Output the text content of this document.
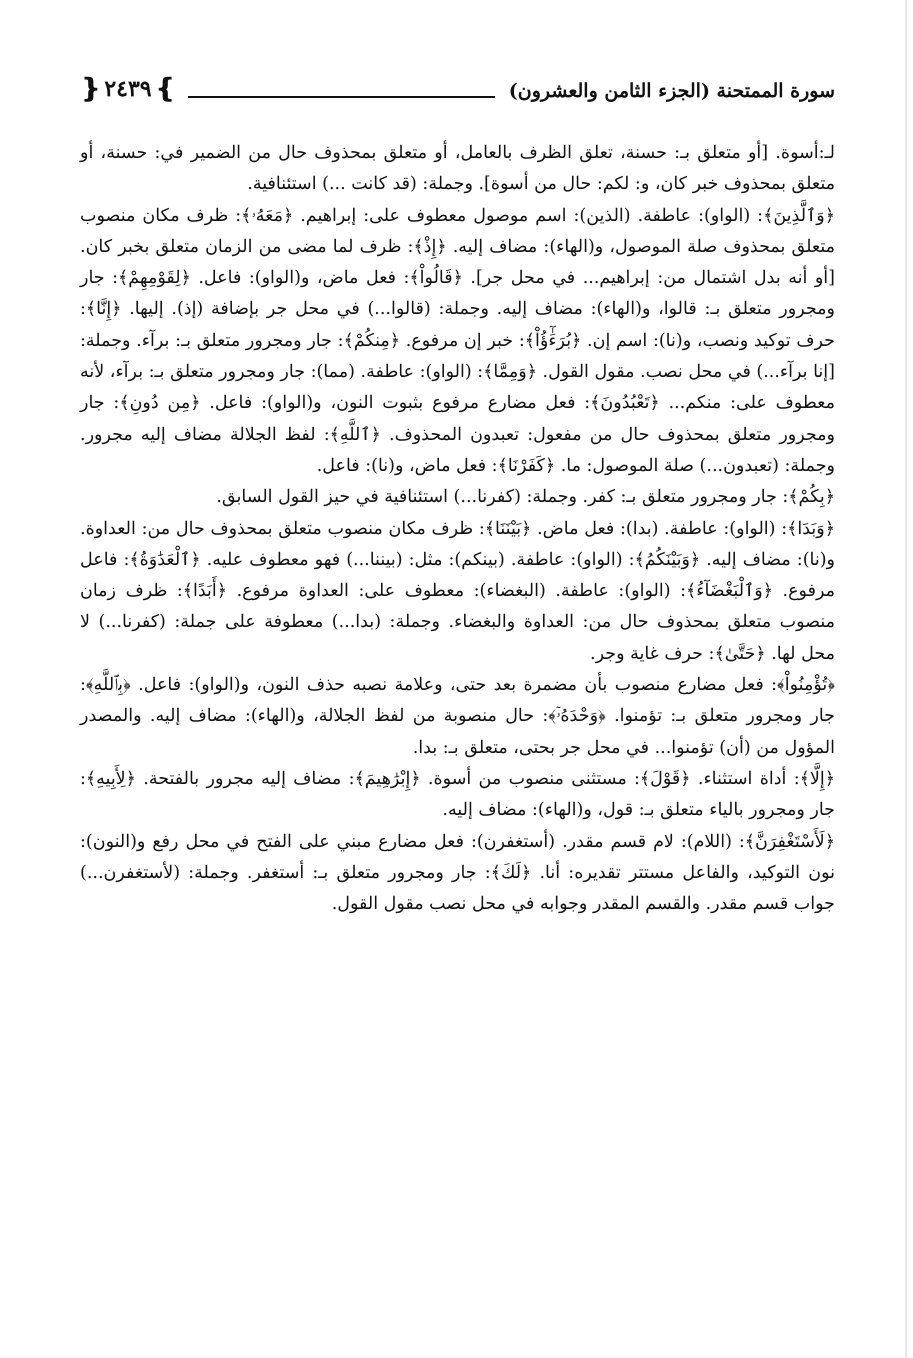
سورة الممتحنة (الجزء الثامن والعشرون)
❵
٢٤٣٩
❴

لـ:أسوة. [أو متعلق بـ: حسنة، تعلق الظرف بالعامل، أو متعلق بمحذوف حال من الضمير في: حسنة، أو متعلق بمحذوف خبر كان، و: لكم: حال من أسوة]. وجملة: (قد كانت ...) استئنافية.

﴿وَٱلَّذِينَ﴾: (الواو): عاطفة. (الذين): اسم موصول معطوف على: إبراهيم. ﴿مَعَهُۥ﴾: ظرف مكان منصوب متعلق بمحذوف صلة الموصول، و(الهاء): مضاف إليه. ﴿إِذْ﴾: ظرف لما مضى من الزمان متعلق بخبر كان. [أو أنه بدل اشتمال من: إبراهيم... في محل جر]. ﴿قَالُواْ﴾: فعل ماض، و(الواو): فاعل. ﴿لِقَوْمِهِمْ﴾: جار ومجرور متعلق بـ: قالوا، و(الهاء): مضاف إليه. وجملة: (قالوا...) في محل جر بإضافة (إذ). إليها. ﴿إِنَّا﴾: حرف توكيد ونصب، و(نا): اسم إن. ﴿بُرَءَٰٓؤُاْ﴾: خبر إن مرفوع. ﴿مِنكُمْ﴾: جار ومجرور متعلق بـ: برآء. وجملة: [إنا برآء...) في محل نصب. مقول القول. ﴿وَمِمَّا﴾: (الواو): عاطفة. (مما): جار ومجرور متعلق بـ: برآء، لأنه معطوف على: منكم... ﴿تَعْبُدُونَ﴾: فعل مضارع مرفوع بثبوت النون، و(الواو): فاعل. ﴿مِن دُونِ﴾: جار ومجرور متعلق بمحذوف حال من مفعول: تعبدون المحذوف. ﴿ٱللَّهِ﴾: لفظ الجلالة مضاف إليه مجرور. وجملة: (تعبدون...) صلة الموصول: ما. ﴿كَفَرْنَا﴾: فعل ماض، و(نا): فاعل.

﴿بِكُمْ﴾: جار ومجرور متعلق بـ: كفر. وجملة: (كفرنا...) استئنافية في حيز القول السابق.

﴿وَبَدَا﴾: (الواو): عاطفة. (بدا): فعل ماض. ﴿بَيْنَنَا﴾: ظرف مكان منصوب متعلق بمحذوف حال من: العداوة. و(نا): مضاف إليه. ﴿وَبَيْنَكُمُ﴾: (الواو): عاطفة. (بينكم): مثل: (بيننا...) فهو معطوف عليه. ﴿ٱلْعَدَٰوَةُ﴾: فاعل مرفوع. ﴿وَٱلْبَغْضَآءُ﴾: (الواو): عاطفة. (البغضاء): معطوف على: العداوة مرفوع. ﴿أَبَدًا﴾: ظرف زمان منصوب متعلق بمحذوف حال من: العداوة والبغضاء. وجملة: (بدا...) معطوفة على جملة: (كفرنا...) لا محل لها. ﴿حَتَّىٰ﴾: حرف غاية وجر.

﴿تُؤْمِنُواْ﴾: فعل مضارع منصوب بأن مضمرة بعد حتى، وعلامة نصبه حذف النون، و(الواو): فاعل. ﴿بِٱللَّهِ﴾: جار ومجرور متعلق بـ: تؤمنوا. ﴿وَحْدَهُۥٓ﴾: حال منصوبة من لفظ الجلالة، و(الهاء): مضاف إليه. والمصدر المؤول من (أن) تؤمنوا... في محل جر بحتى، متعلق بـ: بدا.

﴿إِلَّا﴾: أداة استثناء. ﴿قَوْلَ﴾: مستثنى منصوب من أسوة. ﴿إِبْرَٰهِيمَ﴾: مضاف إليه مجرور بالفتحة. ﴿لِأَبِيهِ﴾: جار ومجرور بالياء متعلق بـ: قول، و(الهاء): مضاف إليه.

﴿لَأَسْتَغْفِرَنَّ﴾: (اللام): لام قسم مقدر. (أستغفرن): فعل مضارع مبني على الفتح في محل رفع و(النون): نون التوكيد، والفاعل مستتر تقديره: أنا. ﴿لَكَ﴾: جار ومجرور متعلق بـ: أستغفر. وجملة: (لأستغفرن...) جواب قسم مقدر. والقسم المقدر وجوابه في محل نصب مقول القول.
